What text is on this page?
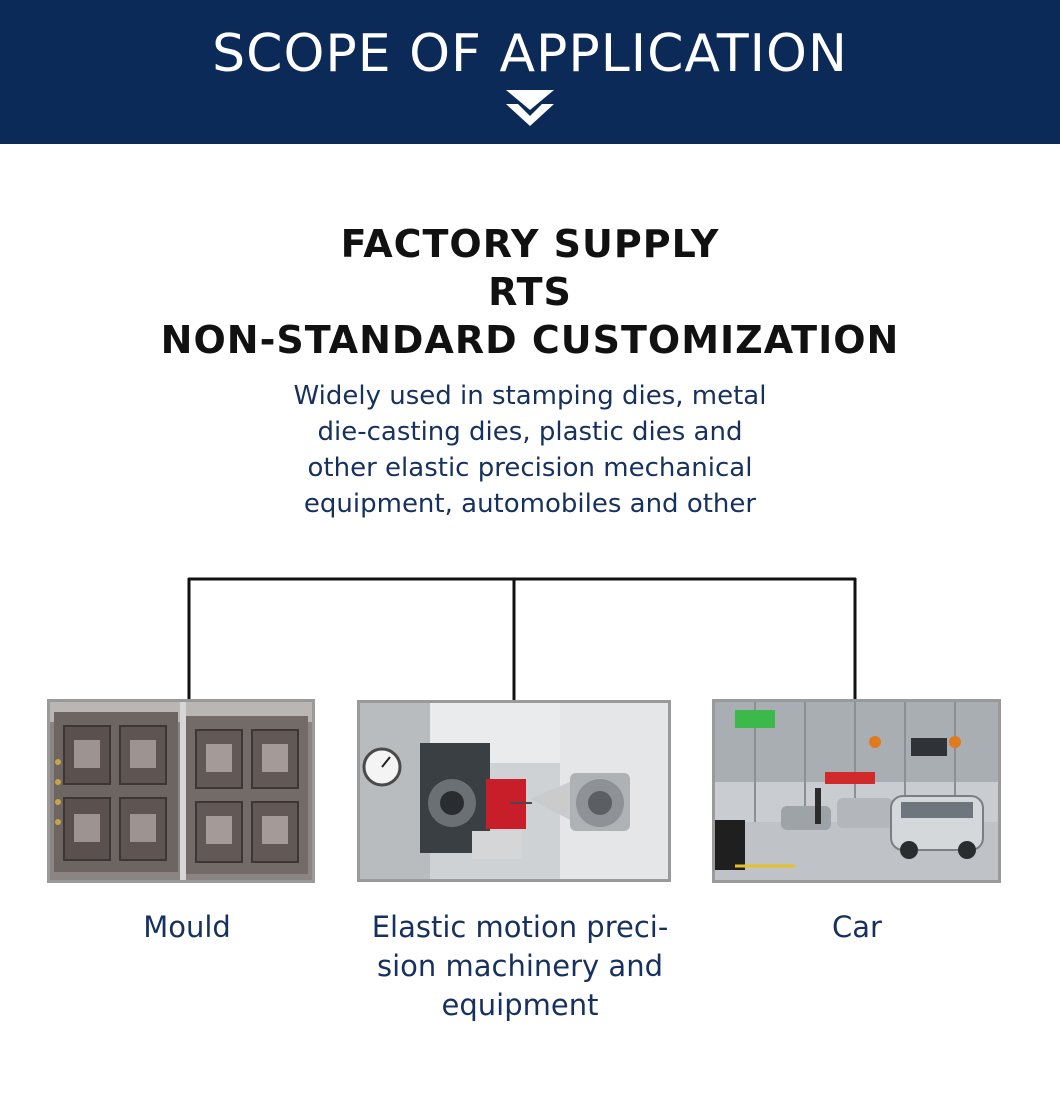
SCOPE OF APPLICATION
FACTORY SUPPLY
RTS
NON-STANDARD CUSTOMIZATION
Widely used in stamping dies, metal
die-casting dies, plastic dies and
other elastic precision mechanical
equipment, automobiles and other
Mould	Elastic motion preci-
sion machinery and
equipment
Car
